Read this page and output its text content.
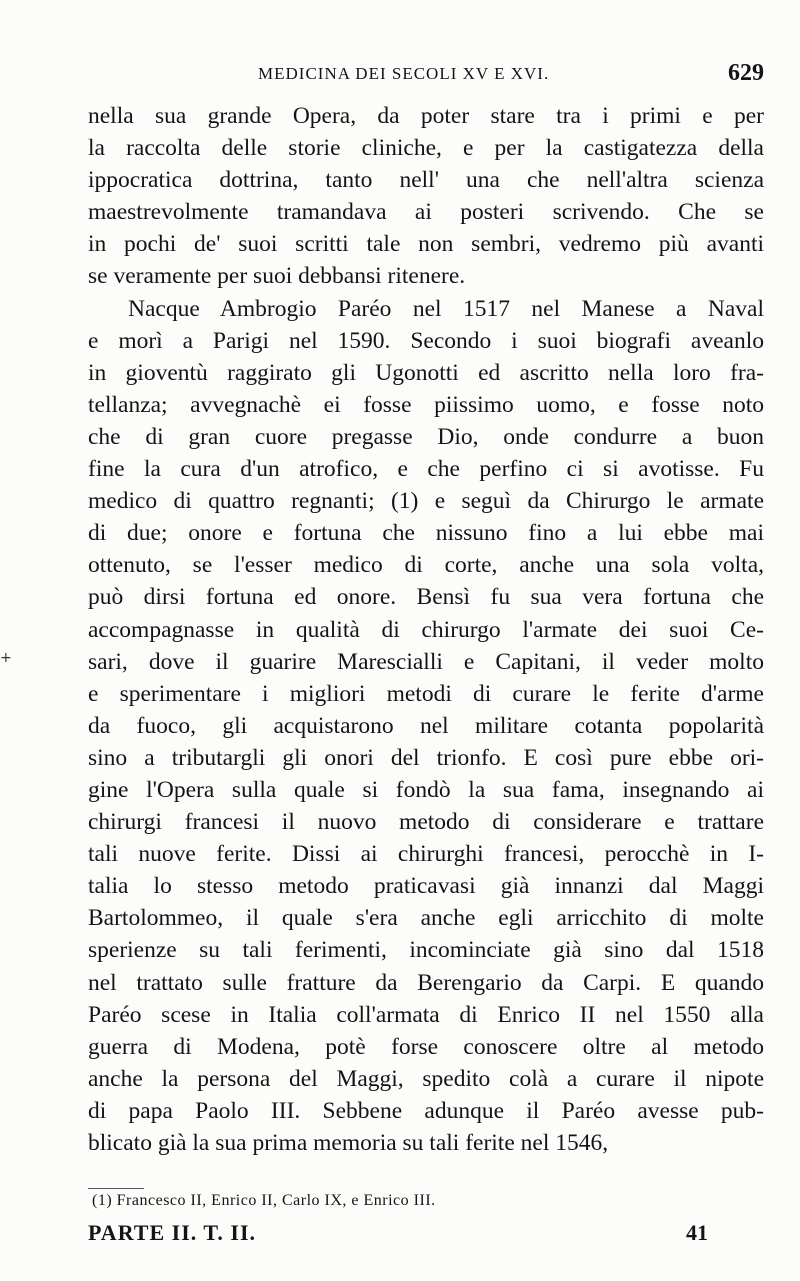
MEDICINA DEI SECOLI XV E XVI.	629
nella sua grande Opera, da poter stare tra i primi e per
la raccolta delle storie cliniche, e per la castigatezza della
ippocratica dottrina, tanto nell' una che nell'altra scienza
maestrevolmente tramandava ai posteri scrivendo. Che se
in pochi de' suoi scritti tale non sembri, vedremo più avanti
se veramente per suoi debbansi ritenere.
Nacque Ambrogio Paréo nel 1517 nel Manese a Naval
e morì a Parigi nel 1590. Secondo i suoi biografi aveanlo
in gioventù raggirato gli Ugonotti ed ascritto nella loro fra-
tellanza; avvegnachè ei fosse piissimo uomo, e fosse noto
che di gran cuore pregasse Dio, onde condurre a buon
fine la cura d'un atrofico, e che perfino ci si avotisse. Fu
medico di quattro regnanti; (1) e seguì da Chirurgo le armate
di due; onore e fortuna che nissuno fino a lui ebbe mai
ottenuto, se l'esser medico di corte, anche una sola volta,
può dirsi fortuna ed onore. Bensì fu sua vera fortuna che
accompagnasse in qualità di chirurgo l'armate dei suoi Ce-
sari, dove il guarire Marescialli e Capitani, il veder molto
e sperimentare i migliori metodi di curare le ferite d'arme
da fuoco, gli acquistarono nel militare cotanta popolarità
sino a tributargli gli onori del trionfo. E così pure ebbe ori-
gine l'Opera sulla quale si fondò la sua fama, insegnando ai
chirurgi francesi il nuovo metodo di considerare e trattare
tali nuove ferite. Dissi ai chirurghi francesi, perocchè in I-
talia lo stesso metodo praticavasi già innanzi dal Maggi
Bartolommeo, il quale s'era anche egli arricchito di molte
sperienze su tali ferimenti, incominciate già sino dal 1518
nel trattato sulle fratture da Berengario da Carpi. E quando
Paréo scese in Italia coll'armata di Enrico II nel 1550 alla
guerra di Modena, potè forse conoscere oltre al metodo
anche la persona del Maggi, spedito colà a curare il nipote
di papa Paolo III. Sebbene adunque il Paréo avesse pub-
blicato già la sua prima memoria su tali ferite nel 1546,
(1) Francesco II, Enrico II, Carlo IX, e Enrico III.
PARTE II. T. II.	41
+
